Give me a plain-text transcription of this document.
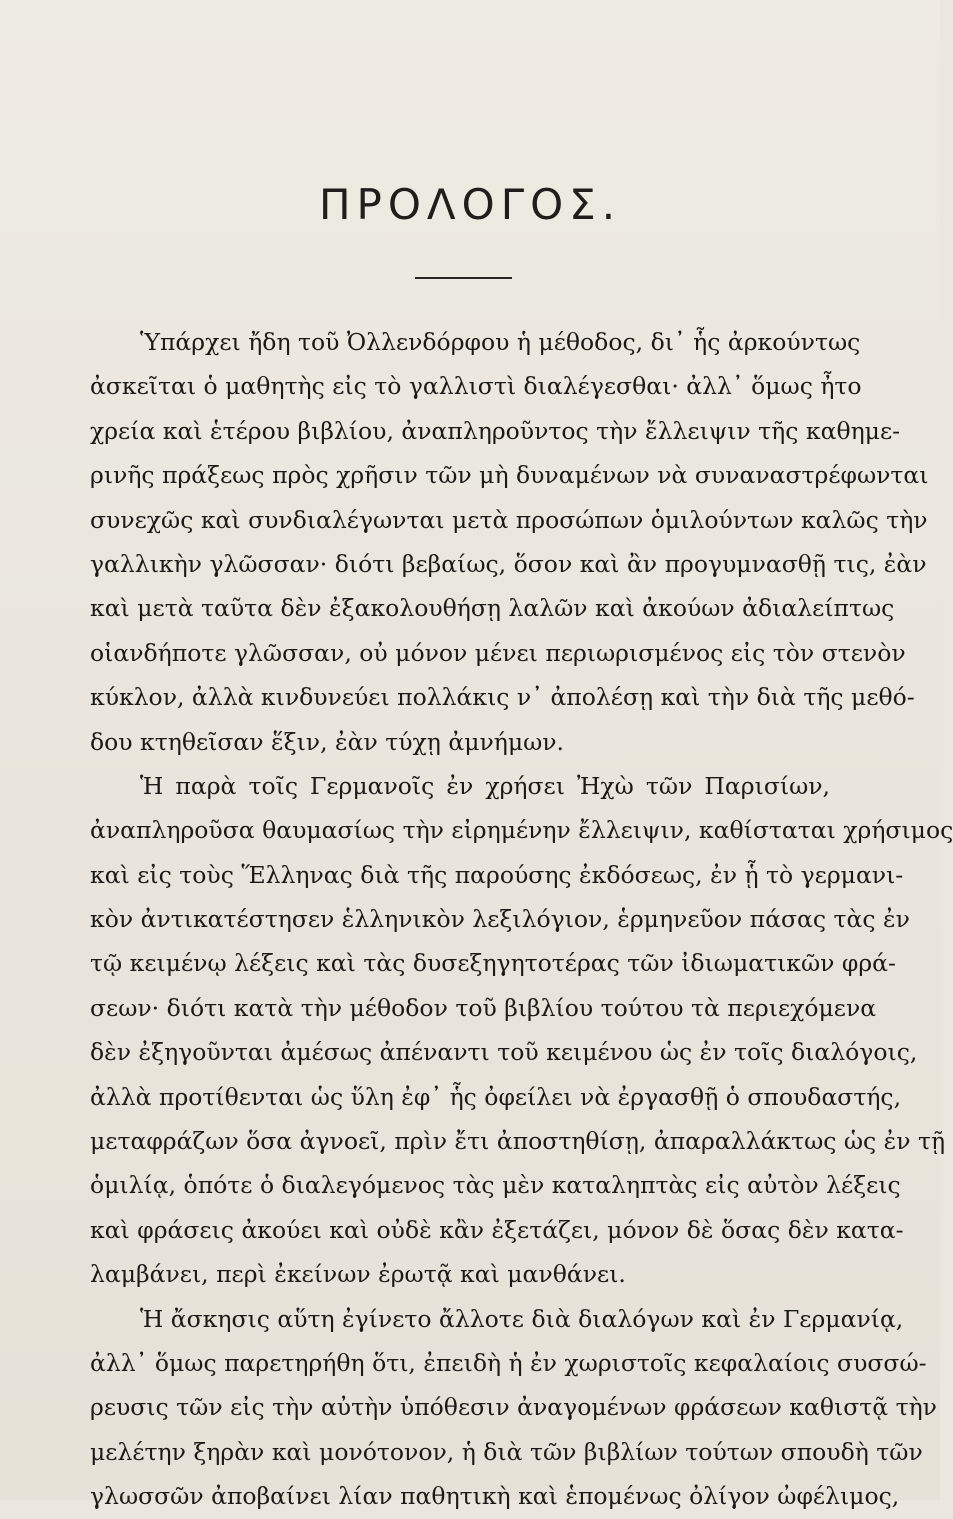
ΠΡΟΛΟΓΟΣ.
Ὑπάρχει ἤδη τοῦ Ὀλλενδόρφου ἡ μέθοδος, δι᾽ ἧς ἀρκούντως
ἀσκεῖται ὁ μαθητὴς εἰς τὸ γαλλιστὶ διαλέγεσθαι· ἀλλ᾽ ὅμως ἦτο
χρεία καὶ ἑτέρου βιβλίου, ἀναπληροῦντος τὴν ἔλλειψιν τῆς καθημε-
ρινῆς πράξεως πρὸς χρῆσιν τῶν μὴ δυναμένων νὰ συναναστρέφωνται
συνεχῶς καὶ συνδιαλέγωνται μετὰ προσώπων ὁμιλούντων καλῶς τὴν
γαλλικὴν γλῶσσαν· διότι βεβαίως, ὅσον καὶ ἂν προγυμνασθῇ τις, ἐὰν
καὶ μετὰ ταῦτα δὲν ἐξακολουθήσῃ λαλῶν καὶ ἀκούων ἀδιαλείπτως
οἱανδήποτε γλῶσσαν, οὐ μόνον μένει περιωρισμένος εἰς τὸν στενὸν
κύκλον, ἀλλὰ κινδυνεύει πολλάκις ν᾽ ἀπολέσῃ καὶ τὴν διὰ τῆς μεθό-
δου κτηθεῖσαν ἕξιν, ἐὰν τύχῃ ἀμνήμων.
Ἡ παρὰ τοῖς Γερμανοῖς ἐν χρήσει Ἠχὼ τῶν Παρισίων,
ἀναπληροῦσα θαυμασίως τὴν εἰρημένην ἔλλειψιν, καθίσταται χρήσιμος
καὶ εἰς τοὺς Ἕλληνας διὰ τῆς παρούσης ἐκδόσεως, ἐν ᾗ τὸ γερμανι-
κὸν ἀντικατέστησεν ἑλληνικὸν λεξιλόγιον, ἑρμηνεῦον πάσας τὰς ἐν
τῷ κειμένῳ λέξεις καὶ τὰς δυσεξηγητοτέρας τῶν ἰδιωματικῶν φρά-
σεων· διότι κατὰ τὴν μέθοδον τοῦ βιβλίου τούτου τὰ περιεχόμενα
δὲν ἐξηγοῦνται ἀμέσως ἀπέναντι τοῦ κειμένου ὡς ἐν τοῖς διαλόγοις,
ἀλλὰ προτίθενται ὡς ὕλη ἐφ᾽ ἧς ὀφείλει νὰ ἐργασθῇ ὁ σπουδαστής,
μεταφράζων ὅσα ἀγνοεῖ, πρὶν ἔτι ἀποστηθίσῃ, ἀπαραλλάκτως ὡς ἐν τῇ
ὁμιλίᾳ, ὁπότε ὁ διαλεγόμενος τὰς μὲν καταληπτὰς εἰς αὐτὸν λέξεις
καὶ φράσεις ἀκούει καὶ οὐδὲ κἂν ἐξετάζει, μόνον δὲ ὅσας δὲν κατα-
λαμβάνει, περὶ ἐκείνων ἐρωτᾷ καὶ μανθάνει.
Ἡ ἄσκησις αὕτη ἐγίνετο ἄλλοτε διὰ διαλόγων καὶ ἐν Γερμανίᾳ,
ἀλλ᾽ ὅμως παρετηρήθη ὅτι, ἐπειδὴ ἡ ἐν χωριστοῖς κεφαλαίοις συσσώ-
ρευσις τῶν εἰς τὴν αὐτὴν ὑπόθεσιν ἀναγομένων φράσεων καθιστᾷ τὴν
μελέτην ξηρὰν καὶ μονότονον, ἡ διὰ τῶν βιβλίων τούτων σπουδὴ τῶν
γλωσσῶν ἀποβαίνει λίαν παθητικὴ καὶ ἑπομένως ὀλίγον ὠφέλιμος,
